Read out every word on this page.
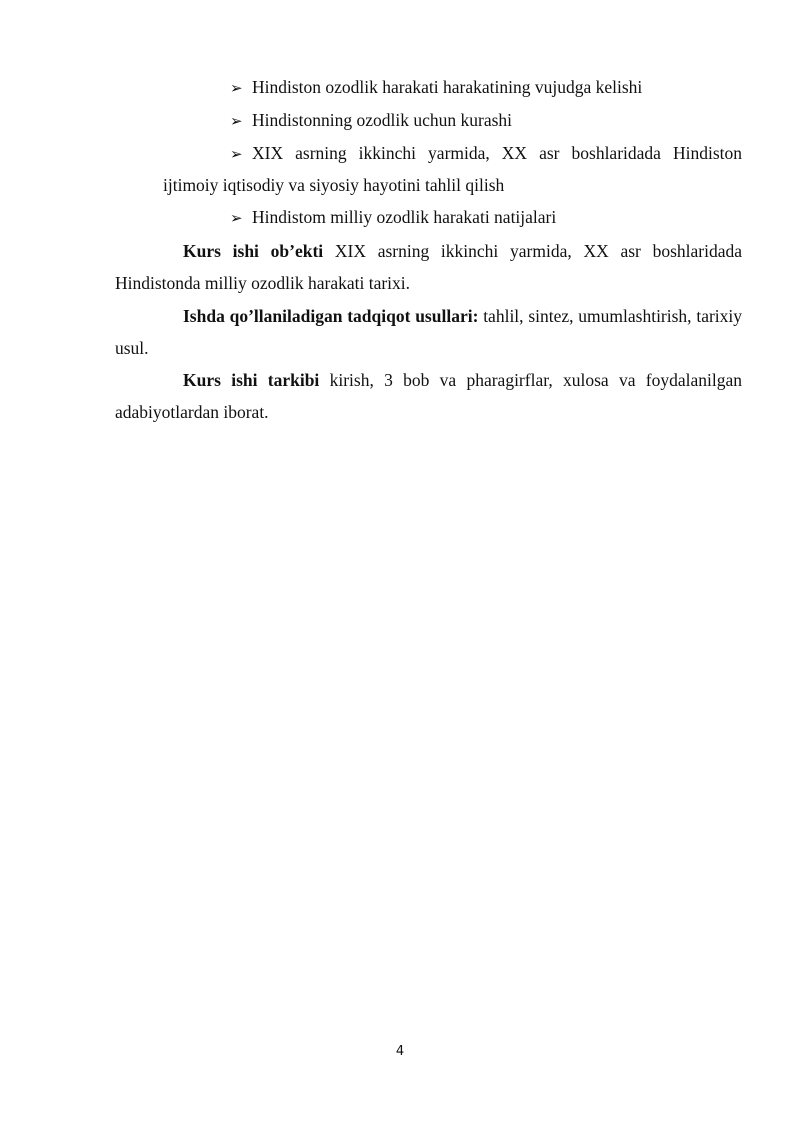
➢ Hindiston ozodlik harakati harakatining vujudga kelishi
➢ Hindistonning ozodlik uchun kurashi
➢ XIX asrning ikkinchi yarmida, XX asr boshlaridada Hindiston
ijtimoiy iqtisodiy va siyosiy hayotini tahlil qilish
➢ Hindistom milliy ozodlik harakati natijalari
Kurs ishi ob’ekti XIX asrning ikkinchi yarmida, XX asr boshlaridada Hindistonda milliy ozodlik harakati tarixi.
Ishda qo’llaniladigan tadqiqot usullari: tahlil, sintez, umumlashtirish, tarixiy usul.
Kurs ishi tarkibi kirish, 3 bob va pharagirflar, xulosa va foydalanilgan adabiyotlardan iborat.
4
